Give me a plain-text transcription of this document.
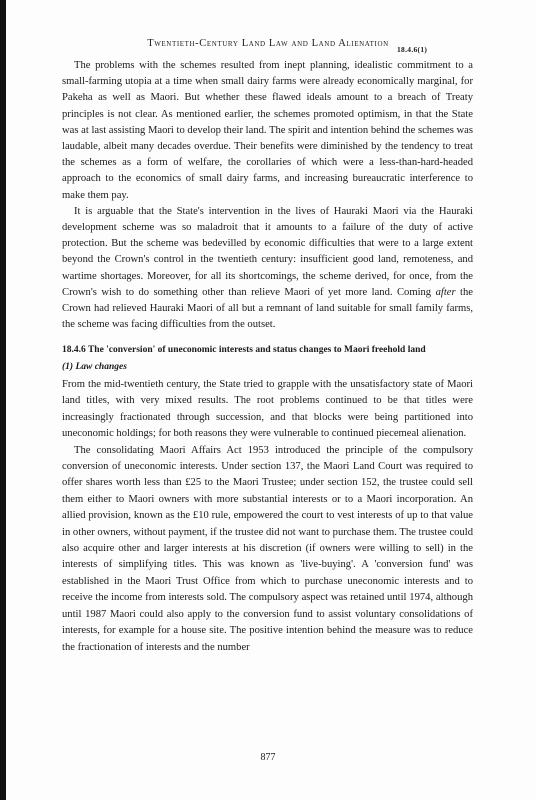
Twentieth-Century Land Law and Land Alienation
18.4.6(1)

The problems with the schemes resulted from inept planning, idealistic commitment to a small-farming utopia at a time when small dairy farms were already economically marginal, for Pakeha as well as Maori. But whether these flawed ideals amount to a breach of Treaty principles is not clear. As mentioned earlier, the schemes promoted optimism, in that the State was at last assisting Maori to develop their land. The spirit and intention behind the schemes was laudable, albeit many decades overdue. Their benefits were diminished by the tendency to treat the schemes as a form of welfare, the corollaries of which were a less-than-hard-headed approach to the economics of small dairy farms, and increasing bureaucratic interference to make them pay.

It is arguable that the State's intervention in the lives of Hauraki Maori via the Hauraki development scheme was so maladroit that it amounts to a failure of the duty of active protection. But the scheme was bedevilled by economic difficulties that were to a large extent beyond the Crown's control in the twentieth century: insufficient good land, remoteness, and wartime shortages. Moreover, for all its shortcomings, the scheme derived, for once, from the Crown's wish to do something other than relieve Maori of yet more land. Coming after the Crown had relieved Hauraki Maori of all but a remnant of land suitable for small family farms, the scheme was facing difficulties from the outset.

18.4.6 The 'conversion' of uneconomic interests and status changes to Maori freehold land
(1) Law changes

From the mid-twentieth century, the State tried to grapple with the unsatisfactory state of Maori land titles, with very mixed results. The root problems continued to be that titles were increasingly fractionated through succession, and that blocks were being partitioned into uneconomic holdings; for both reasons they were vulnerable to continued piecemeal alienation.

The consolidating Maori Affairs Act 1953 introduced the principle of the compulsory conversion of uneconomic interests. Under section 137, the Maori Land Court was required to offer shares worth less than £25 to the Maori Trustee; under section 152, the trustee could sell them either to Maori owners with more substantial interests or to a Maori incorporation. An allied provision, known as the £10 rule, empowered the court to vest interests of up to that value in other owners, without payment, if the trustee did not want to purchase them. The trustee could also acquire other and larger interests at his discretion (if owners were willing to sell) in the interests of simplifying titles. This was known as 'live-buying'. A 'conversion fund' was established in the Maori Trust Office from which to purchase uneconomic interests and to receive the income from interests sold. The compulsory aspect was retained until 1974, although until 1987 Maori could also apply to the conversion fund to assist voluntary consolidations of interests, for example for a house site. The positive intention behind the measure was to reduce the fractionation of interests and the number

877
